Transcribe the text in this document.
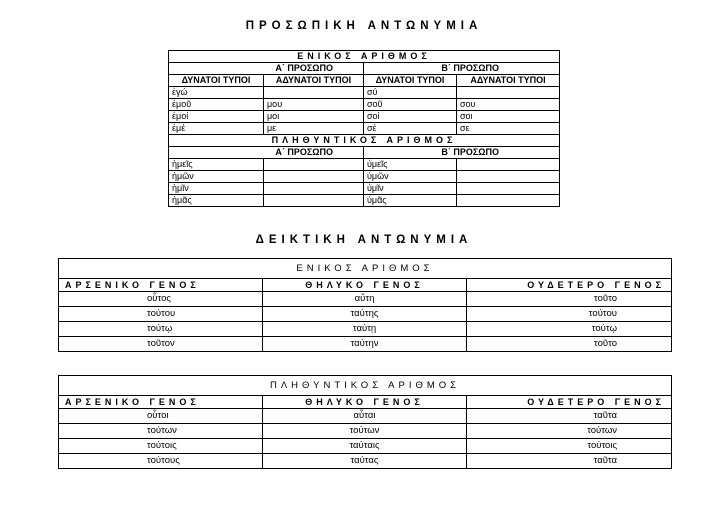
ΠΡΟΣΩΠΙΚΗ ΑΝΤΩΝΥΜΙΑ
ΕΝΙΚΟΣ ΑΡΙΘΜΟΣ			
Α΄ ΠΡΟΣΩΠΟ		Β΄ ΠΡΟΣΩΠΟ	
ΔΥΝΑΤΟΙ ΤΥΠΟΙ	ΑΔΥΝΑΤΟΙ ΤΥΠΟΙ	ΔΥΝΑΤΟΙ ΤΥΠΟΙ	ΑΔΥΝΑΤΟΙ ΤΥΠΟΙ
ἐγώ		σύ	
ἐμοῦ	μου	σοῦ	σου
ἐμοί	μοι	σοί	σοι
ἐμέ	με	σέ	σε
ΠΛΗΘΥΝΤΙΚΟΣ ΑΡΙΘΜΟΣ			
Α΄ ΠΡΟΣΩΠΟ		Β΄ ΠΡΟΣΩΠΟ	
ἡμεῖς		ὑμεῖς	
ἡμῶν		ὑμῶν	
ἡμῖν		ὑμῖν	
ἡμᾶς		ὑμᾶς	
ΔΕΙΚΤΙΚΗ ΑΝΤΩΝΥΜΙΑ
ΕΝΙΚΟΣ ΑΡΙΘΜΟΣ		
ΑΡΣΕΝΙΚΟ ΓΕΝΟΣ	ΘΗΛΥΚΟ ΓΕΝΟΣ	ΟΥΔΕΤΕΡΟ ΓΕΝΟΣ
οὗτος	αὕτη	τοῦτο
τούτου	ταύτης	τούτου
τούτῳ	ταύτῃ	τούτῳ
τοῦτον	ταύτην	τοῦτο
ΠΛΗΘΥΝΤΙΚΟΣ ΑΡΙΘΜΟΣ		
ΑΡΣΕΝΙΚΟ ΓΕΝΟΣ	ΘΗΛΥΚΟ ΓΕΝΟΣ	ΟΥΔΕΤΕΡΟ ΓΕΝΟΣ
οὗτοι	αὗται	ταῦτα
τούτων	τούτων	τούτων
τούτοις	ταύταις	τούτοις
τούτους	ταύτας	ταῦτα
